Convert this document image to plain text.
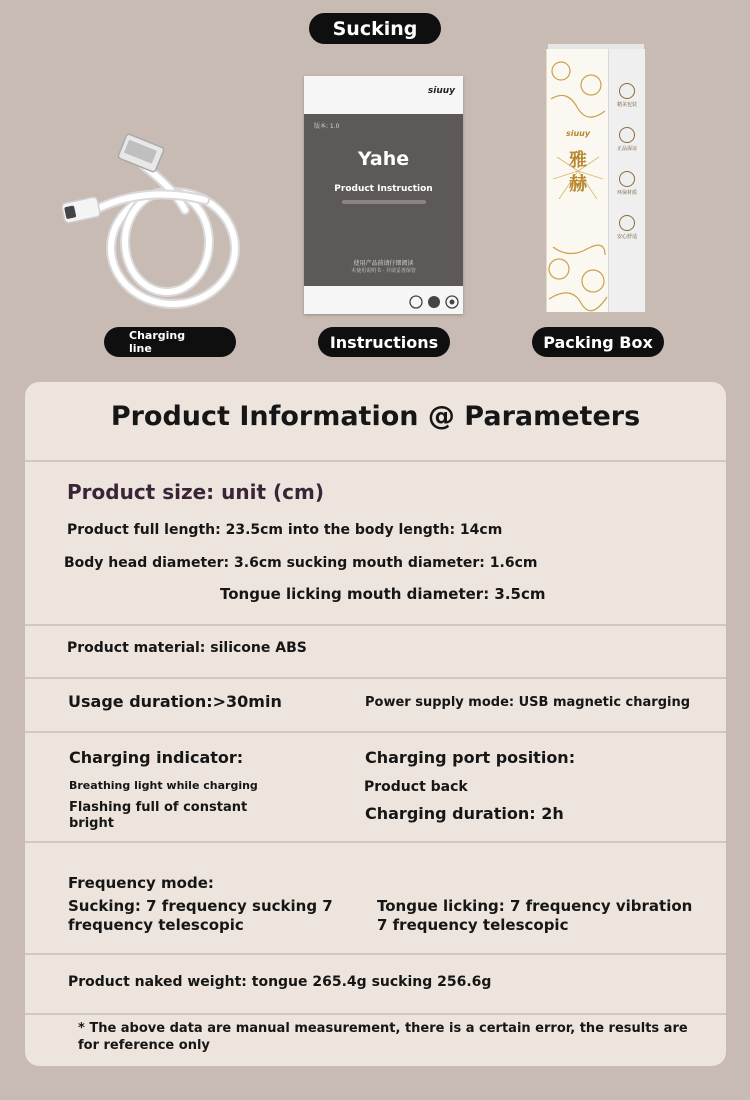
Sucking
siuuy
版本: 1.0
Yahe
Product Instruction
使用产品前请仔细阅读
本使用说明书 · 并请妥善保管
siuuy
雅赫
精美包装
正品保证
环保材质
安心舒适
Charging line	Instructions	Packing Box
Product Information @ Parameters
Product size: unit (cm)
Product full length: 23.5cm into the body length: 14cm
Body head diameter: 3.6cm sucking mouth diameter: 1.6cm
Tongue licking mouth diameter: 3.5cm
Product material: silicone ABS
Usage duration:>30min	Power supply mode: USB magnetic charging
Charging indicator:
Breathing light while charging
Flashing full of constant bright
Charging port position:
Product back
Charging duration: 2h
Frequency mode:
Sucking: 7 frequency sucking 7 frequency telescopic
Tongue licking: 7 frequency vibration 7 frequency telescopic
Product naked weight: tongue 265.4g sucking 256.6g
* The above data are manual measurement, there is a certain error, the results are for reference only
